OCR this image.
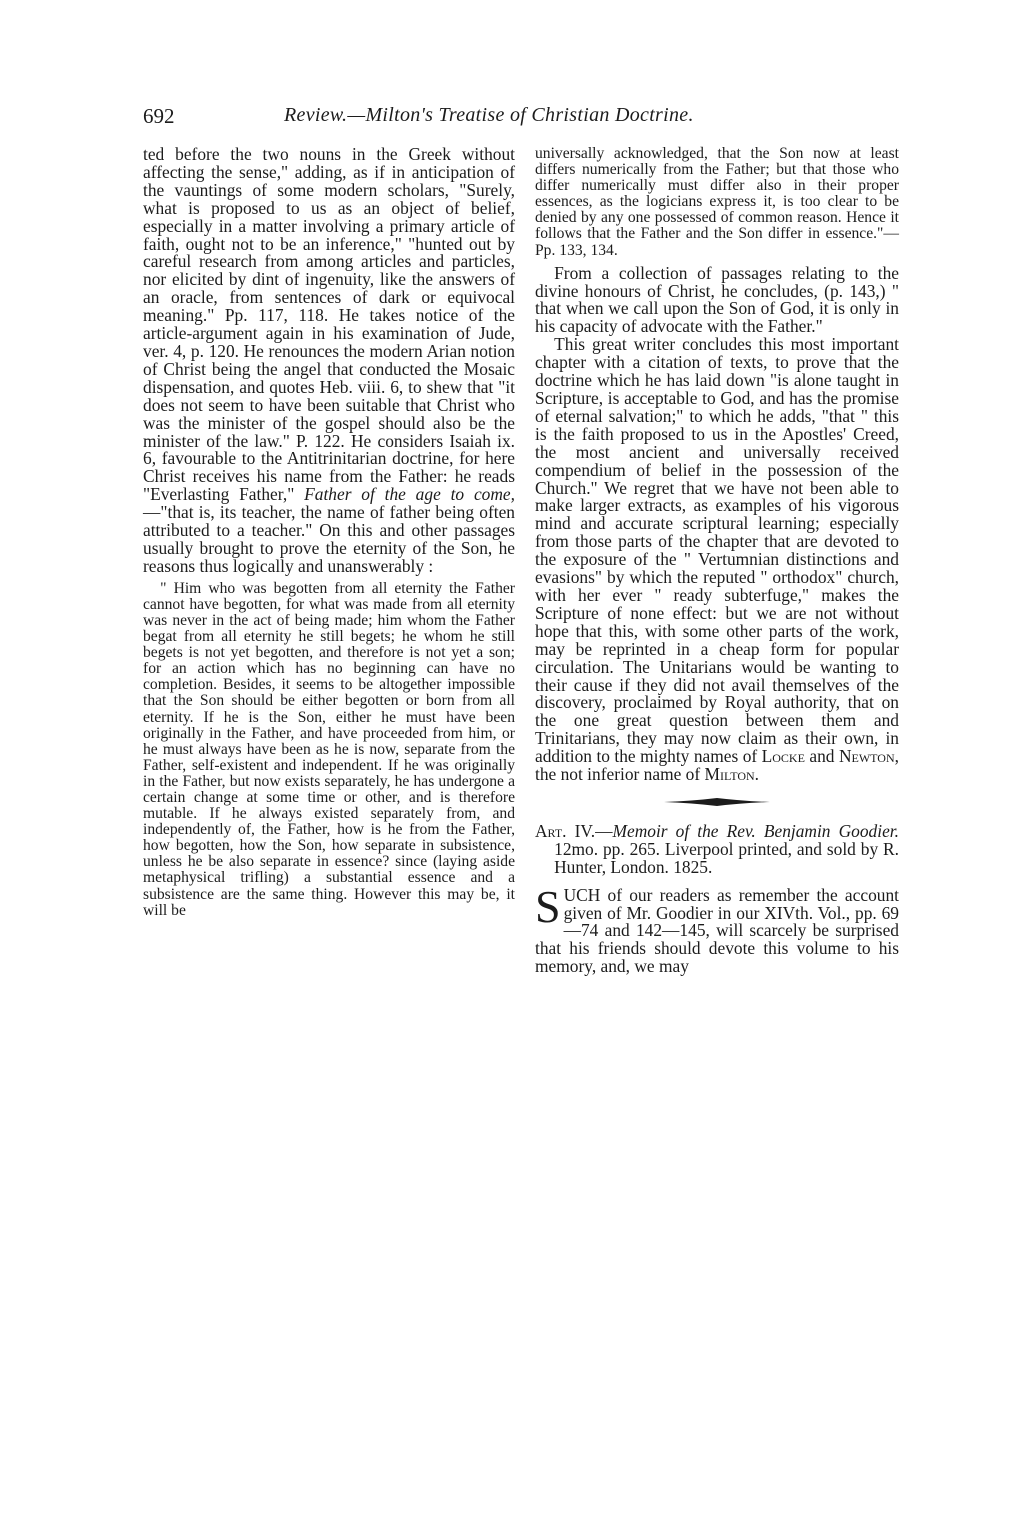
692	Review.—Milton's Treatise of Christian Doctrine.

ted before the two nouns in the Greek without affecting the sense," adding, as if in anticipation of the vauntings of some modern scholars, "Surely, what is proposed to us as an object of belief, especially in a matter involving a primary article of faith, ought not to be an inference," "hunted out by careful research from among articles and particles, nor elicited by dint of ingenuity, like the answers of an oracle, from sentences of dark or equivocal meaning." Pp. 117, 118. He takes notice of the article-argument again in his examination of Jude, ver. 4, p. 120. He renounces the modern Arian notion of Christ being the angel that conducted the Mosaic dispensation, and quotes Heb. viii. 6, to shew that "it does not seem to have been suitable that Christ who was the minister of the gospel should also be the minister of the law." P. 122. He considers Isaiah ix. 6, favourable to the Antitrinitarian doctrine, for here Christ receives his name from the Father: he reads "Everlasting Father," Father of the age to come,—"that is, its teacher, the name of father being often attributed to a teacher." On this and other passages usually brought to prove the eternity of the Son, he reasons thus logically and unanswerably :

" Him who was begotten from all eternity the Father cannot have begotten, for what was made from all eternity was never in the act of being made; him whom the Father begat from all eternity he still begets; he whom he still begets is not yet begotten, and therefore is not yet a son; for an action which has no beginning can have no completion. Besides, it seems to be altogether impossible that the Son should be either begotten or born from all eternity. If he is the Son, either he must have been originally in the Father, and have proceeded from him, or he must always have been as he is now, separate from the Father, self-existent and independent. If he was originally in the Father, but now exists separately, he has undergone a certain change at some time or other, and is therefore mutable. If he always existed separately from, and independently of, the Father, how is he from the Father, how begotten, how the Son, how separate in subsistence, unless he be also separate in essence? since (laying aside metaphysical trifling) a substantial essence and a subsistence are the same thing. However this may be, it will be

universally acknowledged, that the Son now at least differs numerically from the Father; but that those who differ numerically must differ also in their proper essences, as the logicians express it, is too clear to be denied by any one possessed of common reason. Hence it follows that the Father and the Son differ in essence."—Pp. 133, 134.

From a collection of passages relating to the divine honours of Christ, he concludes, (p. 143,) " that when we call upon the Son of God, it is only in his capacity of advocate with the Father."

This great writer concludes this most important chapter with a citation of texts, to prove that the doctrine which he has laid down "is alone taught in Scripture, is acceptable to God, and has the promise of eternal salvation;" to which he adds, "that " this is the faith proposed to us in the Apostles' Creed, the most ancient and universally received compendium of belief in the possession of the Church." We regret that we have not been able to make larger extracts, as examples of his vigorous mind and accurate scriptural learning; especially from those parts of the chapter that are devoted to the exposure of the " Vertumnian distinctions and evasions" by which the reputed " orthodox" church, with her ever " ready subterfuge," makes the Scripture of none effect: but we are not without hope that this, with some other parts of the work, may be reprinted in a cheap form for popular circulation. The Unitarians would be wanting to their cause if they did not avail themselves of the discovery, proclaimed by Royal authority, that on the one great question between them and Trinitarians, they may now claim as their own, in addition to the mighty names of Locke and Newton, the not inferior name of Milton.

Art. IV.—Memoir of the Rev. Benjamin Goodier. 12mo. pp. 265. Liverpool printed, and sold by R. Hunter, London. 1825.

SUCH of our readers as remember the account given of Mr. Goodier in our XIVth. Vol., pp. 69—74 and 142—145, will scarcely be surprised that his friends should devote this volume to his memory, and, we may
